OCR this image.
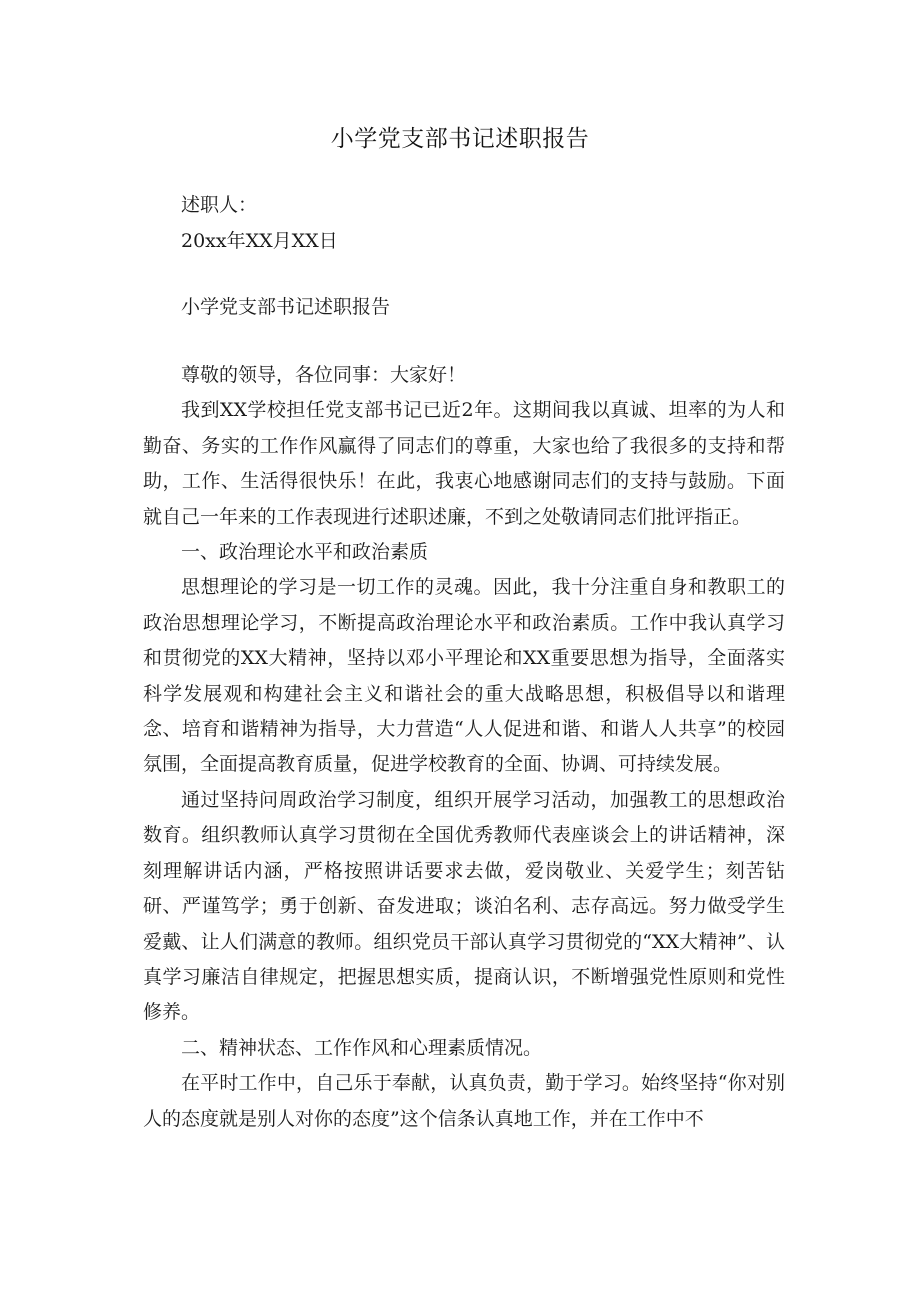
小学党支部书记述职报告
述职人：
20xx年XX月XX日
小学党支部书记述职报告

尊敬的领导，各位同事：大家好！

我到XX学校担任党支部书记已近2年。这期间我以真诚、坦率的为人和勤奋、务实的工作作风赢得了同志们的尊重，大家也给了我很多的支持和帮助，工作、生活得很快乐！在此，我衷心地感谢同志们的支持与鼓励。下面就自己一年来的工作表现进行述职述廉，不到之处敬请同志们批评指正。

一、政治理论水平和政治素质

思想理论的学习是一切工作的灵魂。因此，我十分注重自身和教职工的政治思想理论学习，不断提高政治理论水平和政治素质。工作中我认真学习和贯彻党的XX大精神，坚持以邓小平理论和XX重要思想为指导，全面落实科学发展观和构建社会主义和谐社会的重大战略思想，积极倡导以和谐理念、培育和谐精神为指导，大力营造“人人促进和谐、和谐人人共享”的校园氛围，全面提高教育质量，促进学校教育的全面、协调、可持续发展。

通过坚持问周政治学习制度，组织开展学习活动，加强教工的思想政治数育。组织教师认真学习贯彻在全国优秀教师代表座谈会上的讲话精神，深刻理解讲话内涵，严格按照讲话要求去做，爱岗敬业、关爱学生；刻苦钻研、严谨笃学；勇于创新、奋发进取；谈泊名利、志存高远。努力做受学生爱戴、让人们满意的教师。组织党员干部认真学习贯彻党的“XX大精神”、认真学习廉洁自律规定，把握思想实质，提商认识，不断增强党性原则和党性修养。

二、精神状态、工作作风和心理素质情况。

在平时工作中，自己乐于奉献，认真负责，勤于学习。始终坚持“你对别人的态度就是别人对你的态度”这个信条认真地工作，并在工作中不
